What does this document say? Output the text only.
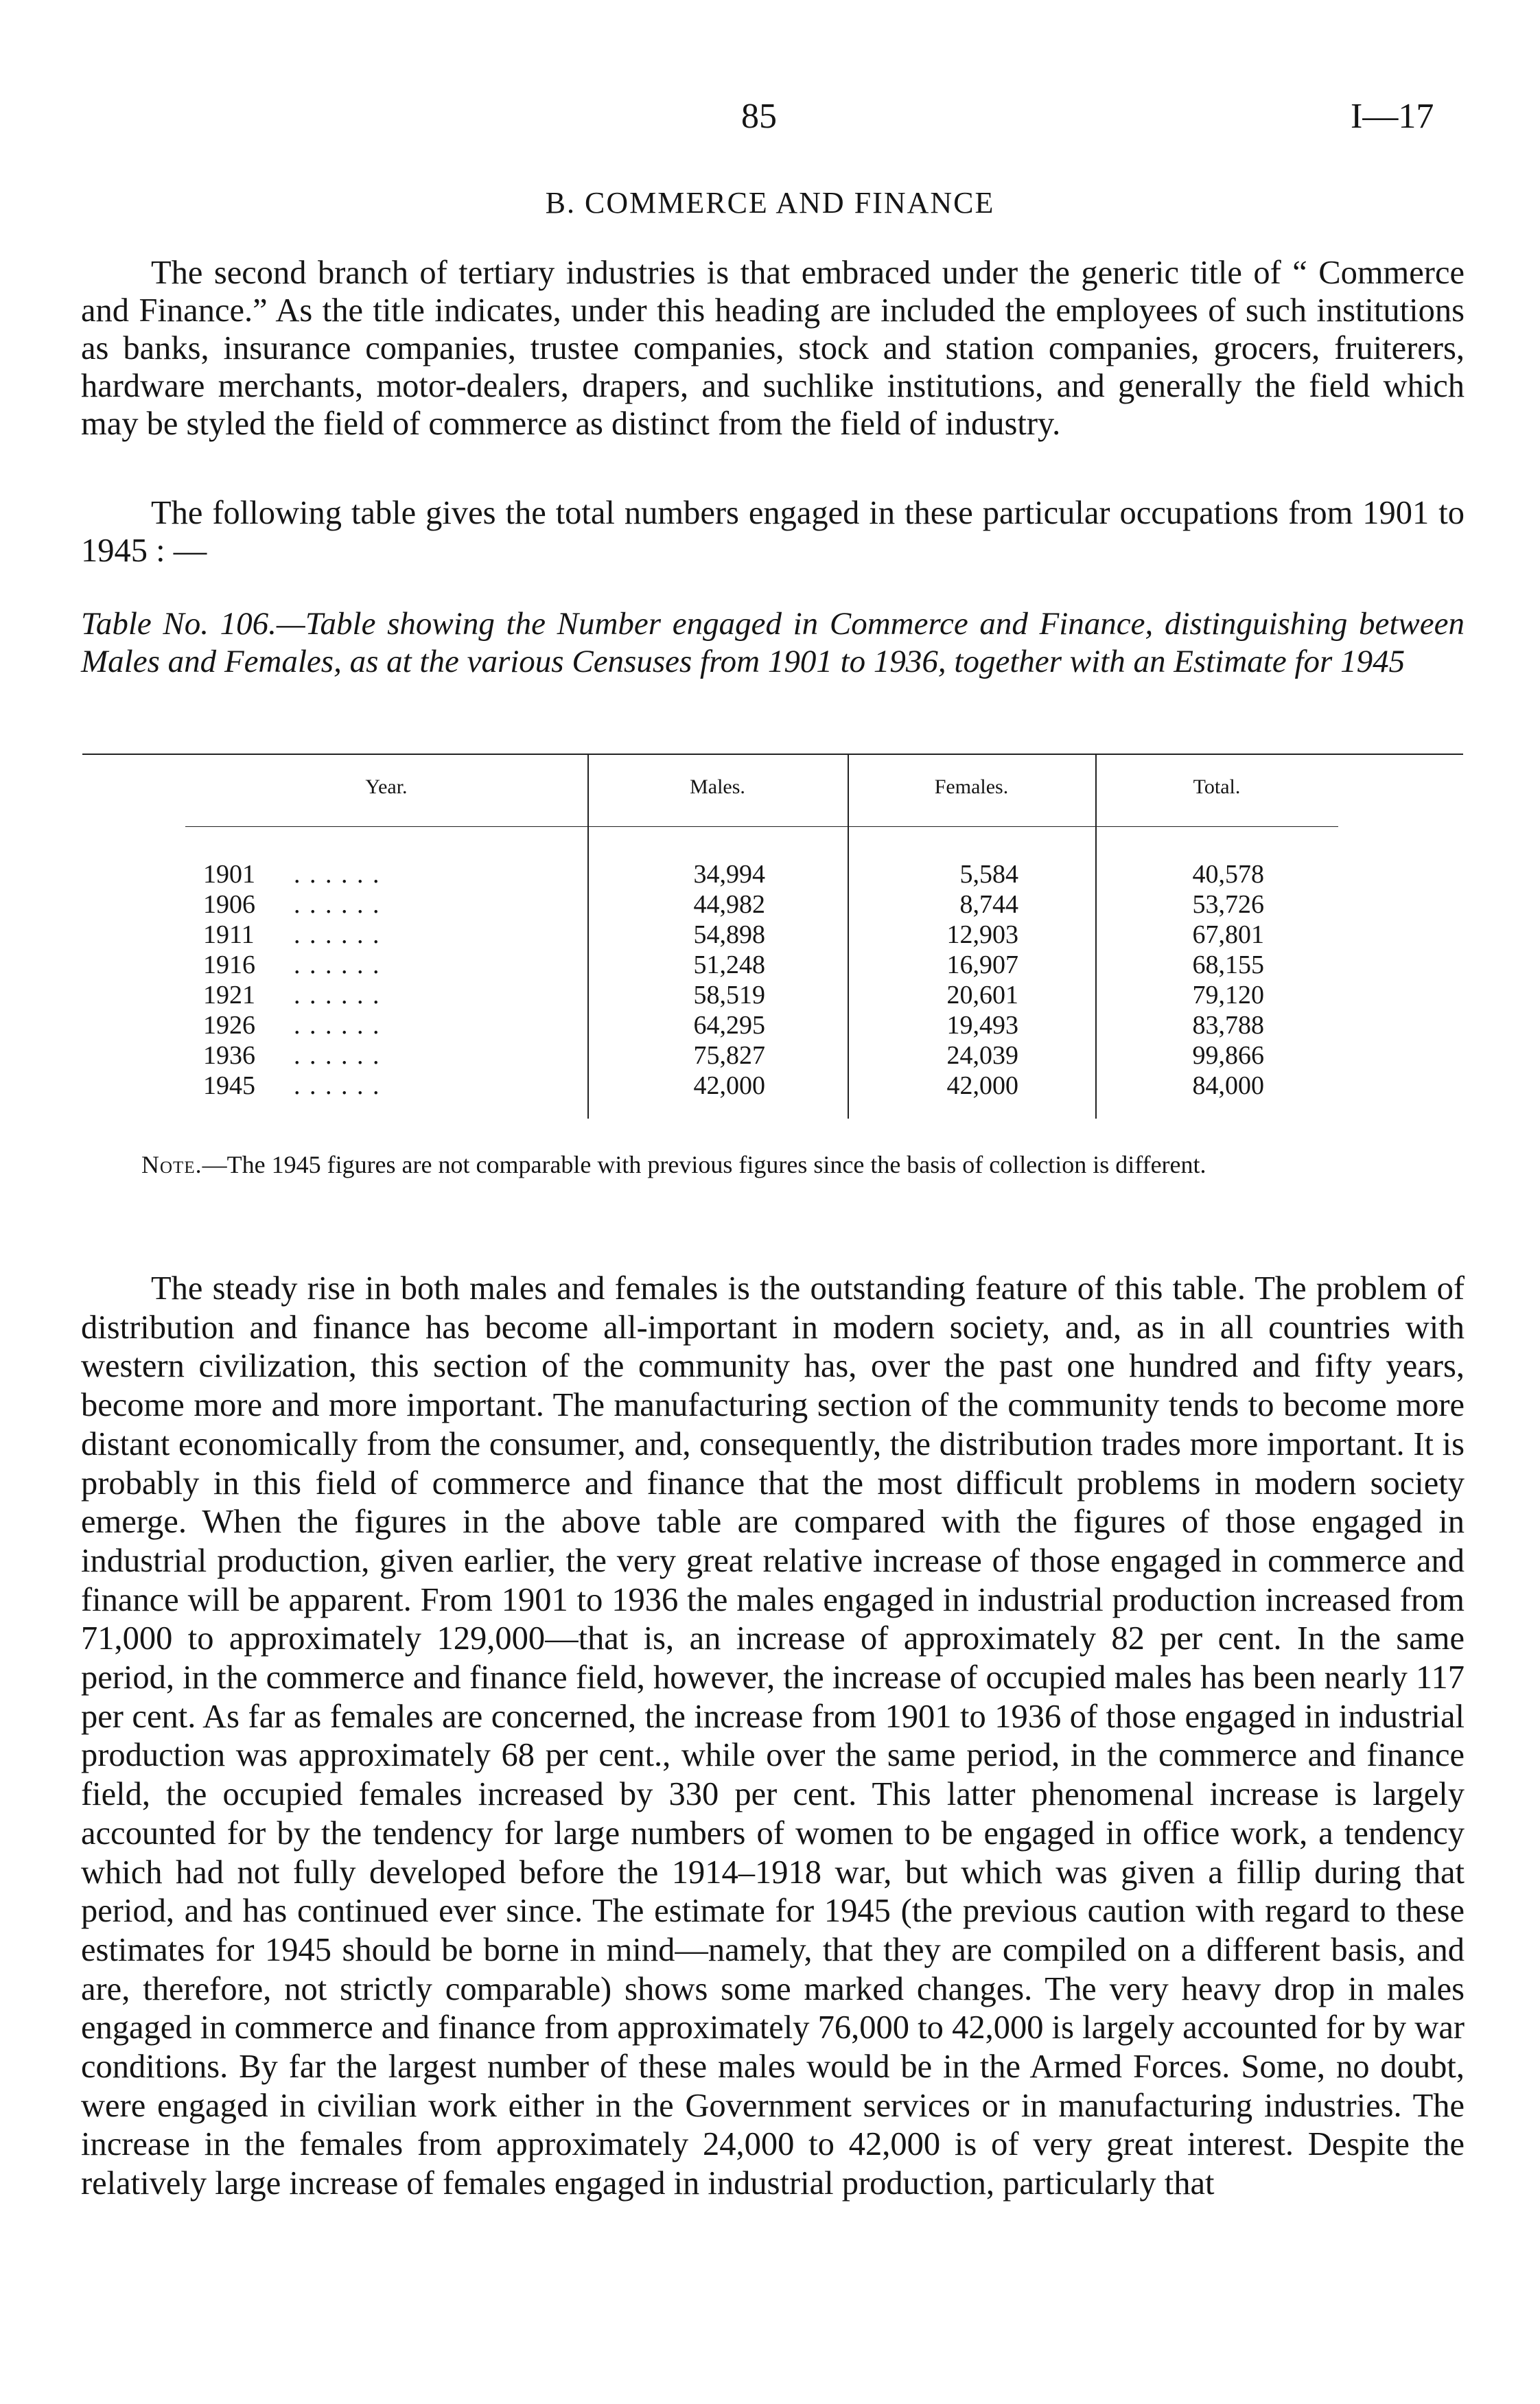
85	I—17
B. COMMERCE AND FINANCE

The second branch of tertiary industries is that embraced under the generic title of “ Commerce and Finance.” As the title indicates, under this heading are included the employees of such institutions as banks, insurance companies, trustee companies, stock and station companies, grocers, fruiterers, hardware merchants, motor-dealers, drapers, and suchlike institutions, and generally the field which may be styled the field of commerce as distinct from the field of industry.

The following table gives the total numbers engaged in these particular occupations from 1901 to 1945 : —

Table No. 106.—Table showing the Number engaged in Commerce and Finance, distinguishing between Males and Females, as at the various Censuses from 1901 to 1936, together with an Estimate for 1945

Year.	Males.	Females.	Total.
1901 . . . . . .	34,994	5,584	40,578
1906 . . . . . .	44,982	8,744	53,726
1911 . . . . . .	54,898	12,903	67,801
1916 . . . . . .	51,248	16,907	68,155
1921 . . . . . .	58,519	20,601	79,120
1926 . . . . . .	64,295	19,493	83,788
1936 . . . . . .	75,827	24,039	99,866
1945 . . . . . .	42,000	42,000	84,000

Note.—The 1945 figures are not comparable with previous figures since the basis of collection is different.

The steady rise in both males and females is the outstanding feature of this table. The problem of distribution and finance has become all-important in modern society, and, as in all countries with western civilization, this section of the community has, over the past one hundred and fifty years, become more and more important. The manufacturing section of the community tends to become more distant economically from the consumer, and, consequently, the distribution trades more important. It is probably in this field of commerce and finance that the most difficult problems in modern society emerge. When the figures in the above table are compared with the figures of those engaged in industrial production, given earlier, the very great relative increase of those engaged in commerce and finance will be apparent. From 1901 to 1936 the males engaged in industrial production increased from 71,000 to approximately 129,000—that is, an increase of approximately 82 per cent. In the same period, in the commerce and finance field, however, the increase of occupied males has been nearly 117 per cent. As far as females are concerned, the increase from 1901 to 1936 of those engaged in industrial production was approximately 68 per cent., while over the same period, in the commerce and finance field, the occupied females increased by 330 per cent. This latter phenomenal increase is largely accounted for by the tendency for large numbers of women to be engaged in office work, a tendency which had not fully developed before the 1914–1918 war, but which was given a fillip during that period, and has continued ever since. The estimate for 1945 (the previous caution with regard to these estimates for 1945 should be borne in mind—namely, that they are compiled on a different basis, and are, therefore, not strictly comparable) shows some marked changes. The very heavy drop in males engaged in commerce and finance from approximately 76,000 to 42,000 is largely accounted for by war conditions. By far the largest number of these males would be in the Armed Forces. Some, no doubt, were engaged in civilian work either in the Government services or in manufacturing industries. The increase in the females from approximately 24,000 to 42,000 is of very great interest. Despite the relatively large increase of females engaged in industrial production, particularly that
